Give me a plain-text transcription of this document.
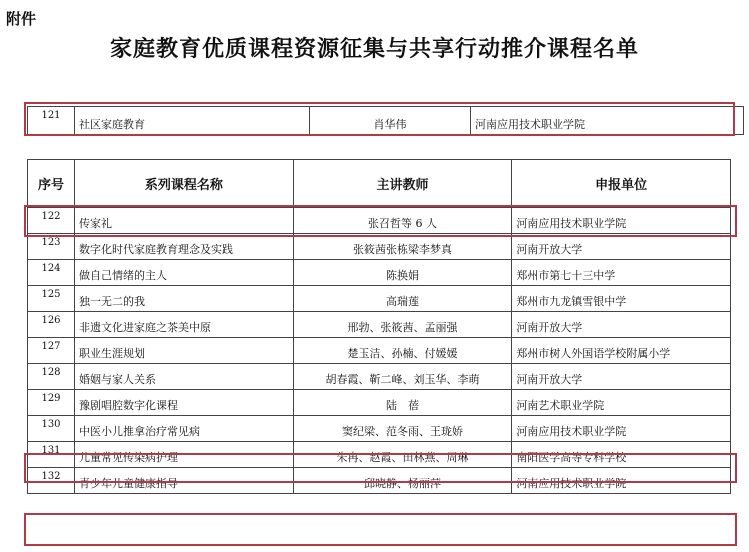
附件
家庭教育优质课程资源征集与共享行动推介课程名单
121	社区家庭教育	肖华伟	河南应用技术职业学院
序号	系列课程名称	主讲教师	申报单位
122	传家礼	张召哲等 6 人	河南应用技术职业学院
123	数字化时代家庭教育理念及实践	张筱茜张栋梁李梦真	河南开放大学
124	做自己情绪的主人	陈换娟	郑州市第七十三中学
125	独一无二的我	高瑞莲	郑州市九龙镇雪银中学
126	非遗文化进家庭之茶美中原	邢勃、张筱茜、孟丽强	河南开放大学
127	职业生涯规划	楚玉洁、孙楠、付媛媛	郑州市树人外国语学校附属小学
128	婚姻与家人关系	胡春霞、靳二峰、刘玉华、李萌	河南开放大学
129	豫剧唱腔数字化课程	陆　蓓	河南艺术职业学院
130	中医小儿推拿治疗常见病	窦纪梁、范冬雨、王珑娇	河南应用技术职业学院
131	儿童常见传染病护理	朱冉、赵霞、田林燕、周琳	南阳医学高等专科学校
132	青少年儿童健康指导	邱晓静、杨丽萍	河南应用技术职业学院
